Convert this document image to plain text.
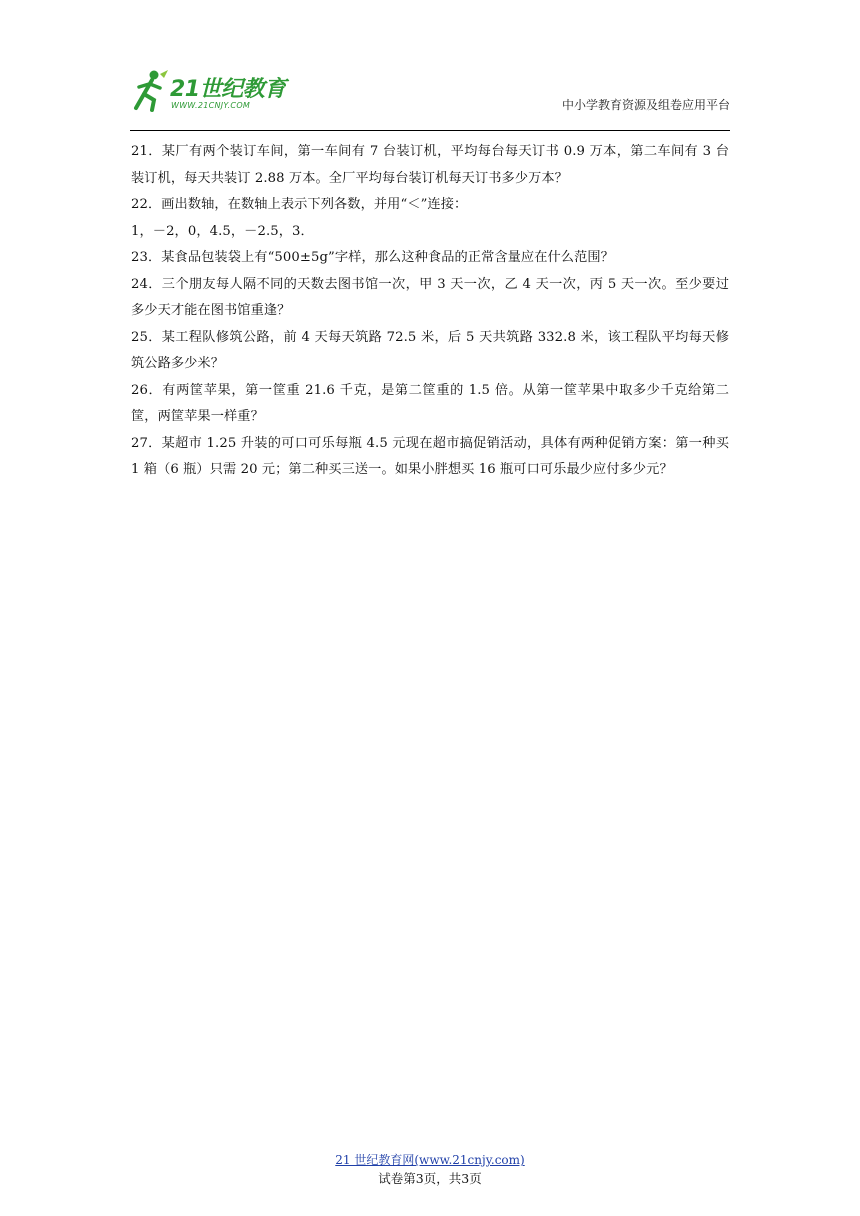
21世纪教育
WWW.21CNJY.COM	中小学教育资源及组卷应用平台

21．某厂有两个装订车间，第一车间有 7 台装订机，平均每台每天订书 0.9 万本，第二车间有 3 台装订机，每天共装订 2.88 万本。全厂平均每台装订机每天订书多少万本？

22．画出数轴，在数轴上表示下列各数，并用“＜”连接：

1，－2，0，4.5，－2.5，3．

23．某食品包装袋上有“500±5g”字样，那么这种食品的正常含量应在什么范围？

24．三个朋友每人隔不同的天数去图书馆一次，甲 3 天一次，乙 4 天一次，丙 5 天一次。至少要过多少天才能在图书馆重逢？

25．某工程队修筑公路，前 4 天每天筑路 72.5 米，后 5 天共筑路 332.8 米，该工程队平均每天修筑公路多少米？

26．有两筐苹果，第一筐重 21.6 千克，是第二筐重的 1.5 倍。从第一筐苹果中取多少千克给第二筐，两筐苹果一样重？

27．某超市 1.25 升装的可口可乐每瓶 4.5 元现在超市搞促销活动，具体有两种促销方案：第一种买 1 箱（6 瓶）只需 20 元；第二种买三送一。如果小胖想买 16 瓶可口可乐最少应付多少元？

21 世纪教育网(www.21cnjy.com)
试卷第3页，共3页
